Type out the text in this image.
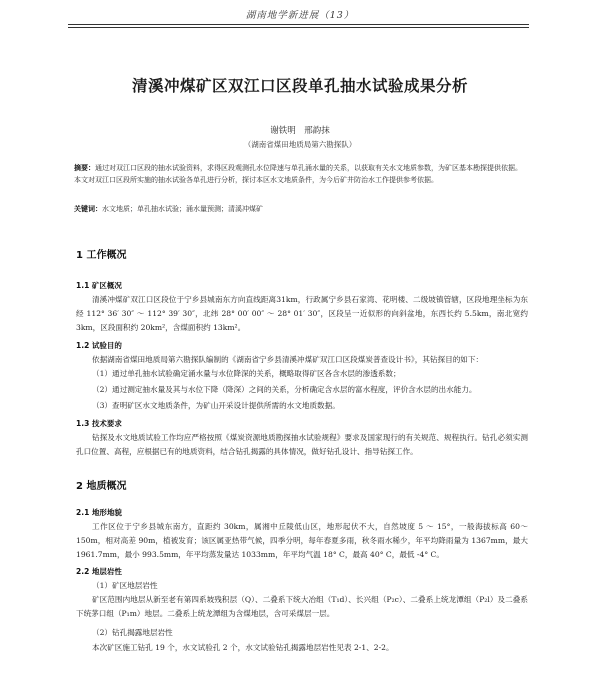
湖南地学新进展（13）
清溪冲煤矿区双江口区段单孔抽水试验成果分析
谢铁明　邢韵抹
（湖南省煤田地质局第六勘探队）
摘要：通过对双江口区段的抽水试验资料，求得区段观测孔水位降速与单孔涌水量的关系，以获取有关水文地质参数，为矿区基本勘探提供依据。本文对双江口区段所实施的抽水试验各单孔进行分析，探讨本区水文地质条件，为今后矿井防治水工作提供参考依据。
关键词：水文地质；单孔抽水试验；涌水量预测；清溪冲煤矿
1 工作概况
1.1 矿区概况
清溪冲煤矿双江口区段位于宁乡县城南东方向直线距离31km，行政属宁乡县石家湾、花明楼、二级坡镇管辖，区段地理坐标为东经 112° 36′ 30″ ～ 112° 39′ 30″，北纬 28° 00′ 00″ ～ 28° 01′ 30″，区段呈一近似形的向斜盆地，东西长约 5.5km，南北宽约 3km，区段面积约 20km²，含煤面积约 13km²。
1.2 试验目的
依据湖南省煤田地质局第六勘探队编制的《湖南省宁乡县清溪冲煤矿双江口区段煤炭普查设计书》，其钻探目的如下：
（1）通过单孔抽水试验确定涌水量与水位降深的关系，概略取得矿区各含水层的渗透系数；
（2）通过测定抽水量及其与水位下降（降深）之间的关系，分析确定含水层的富水程度，评价含水层的出水能力。
（3）查明矿区水文地质条件，为矿山开采设计提供所需的水文地质数据。
1.3 技术要求
钻探及水文地质试验工作均应严格按照《煤炭资源地质勘探抽水试验规程》要求及国家现行的有关规范、规程执行。钻孔必须实测孔口位置、高程，应根据已有的地质资料，结合钻孔揭露的具体情况，做好钻孔设计、指导钻探工作。
2 地质概况
2.1 地形地貌
工作区位于宁乡县城东南方，直距约 30km，属湘中丘陵低山区，地形起伏不大，自然坡度 5 ～ 15°，一般海拔标高 60～150m，相对高差 90m，植被发育；该区属亚热带气候，四季分明，每年春夏多雨，秋冬雨水稀少，年平均降雨量为 1367mm，最大 1961.7mm，最小 993.5mm，年平均蒸发量达 1033mm，年平均气温 18° C，最高 40° C，最低 -4° C。
2.2 地层岩性
（1）矿区地层岩性
矿区范围内地层从新至老有第四系坡残积层（Q）、二叠系下统大冶组（T₁d）、长兴组（P₂c）、二叠系上统龙潭组（P₂l）及二叠系下统茅口组（P₁m）地层。二叠系上统龙潭组为含煤地层，含可采煤层一层。
（2）钻孔揭露地层岩性
本次矿区施工钻孔 19 个，水文试验孔 2 个，水文试验钻孔揭露地层岩性见表 2-1、2-2。
